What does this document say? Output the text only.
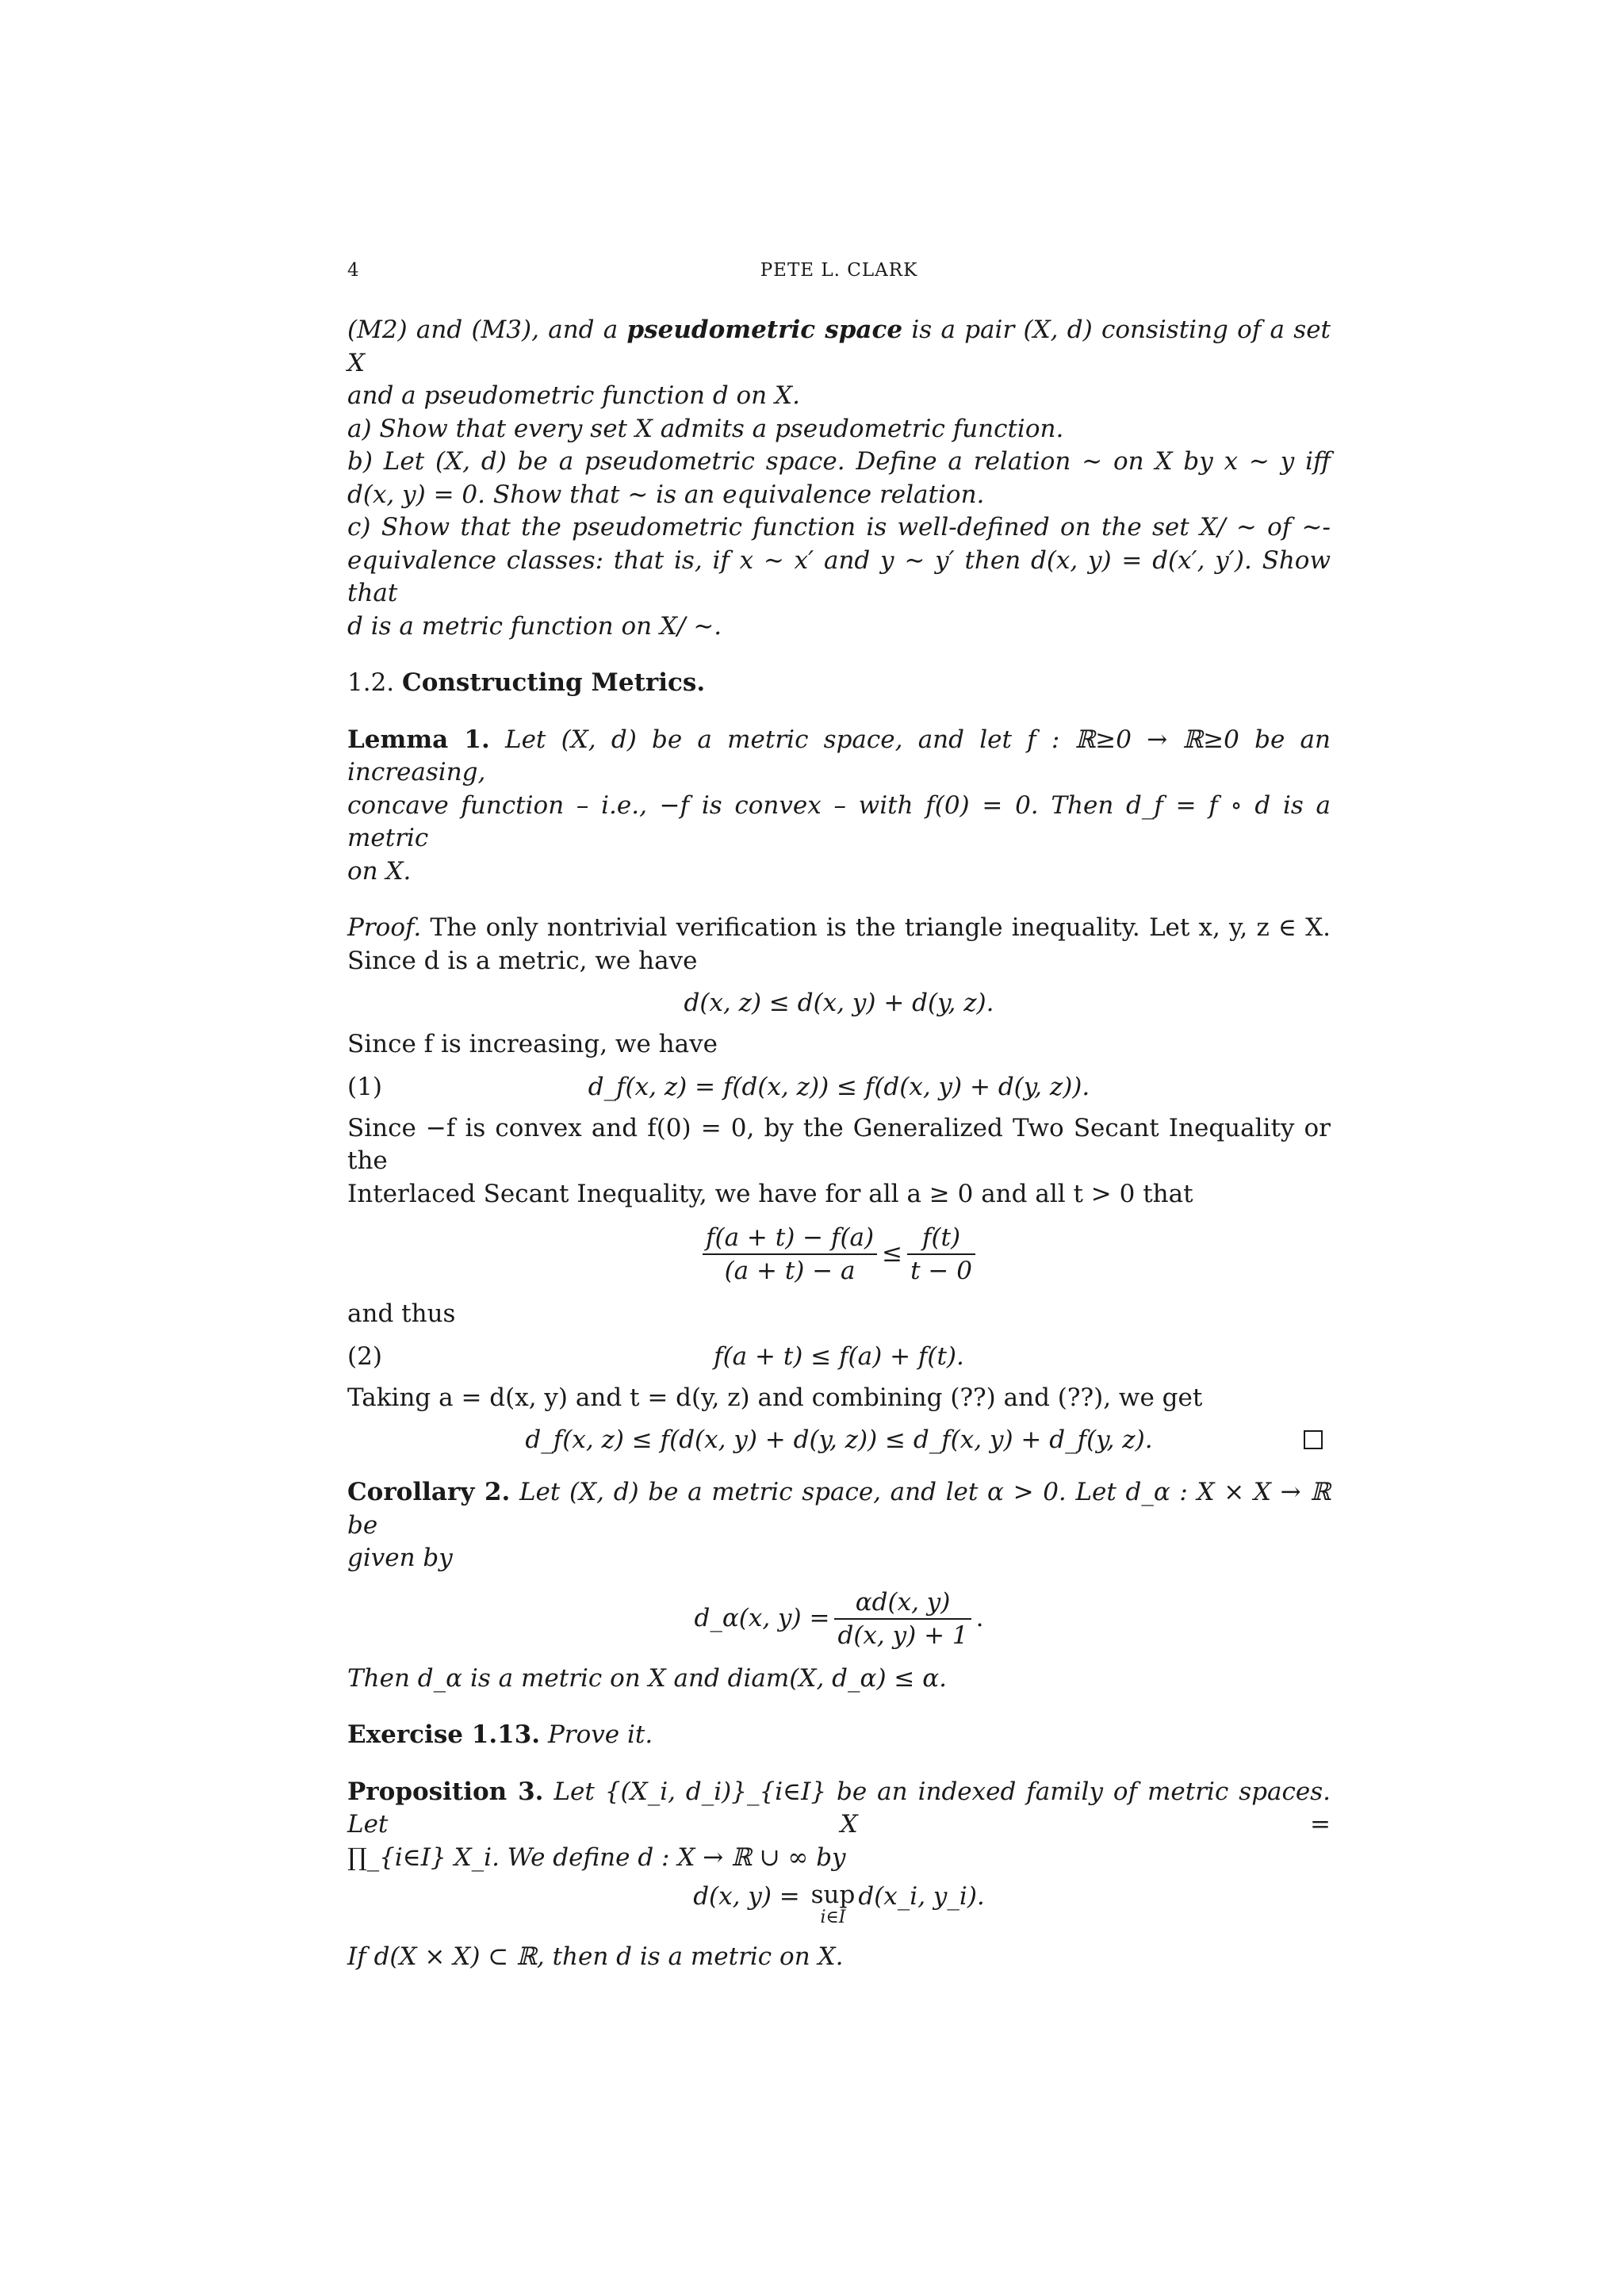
4	PETE L. CLARK
(M2) and (M3), and a pseudometric space is a pair (X, d) consisting of a set X
and a pseudometric function d on X.
a) Show that every set X admits a pseudometric function.
b) Let (X, d) be a pseudometric space. Define a relation ∼ on X by x ∼ y iff
d(x, y) = 0. Show that ∼ is an equivalence relation.
c) Show that the pseudometric function is well-defined on the set X/ ∼ of ∼-
equivalence classes: that is, if x ∼ x′ and y ∼ y′ then d(x, y) = d(x′, y′). Show that
d is a metric function on X/ ∼.
1.2. Constructing Metrics.
Lemma 1. Let (X, d) be a metric space, and let f : ℝ≥0 → ℝ≥0 be an increasing,
concave function – i.e., −f is convex – with f(0) = 0. Then d_f = f ∘ d is a metric
on X.
Proof. The only nontrivial verification is the triangle inequality. Let x, y, z ∈ X.
Since d is a metric, we have
d(x, z) ≤ d(x, y) + d(y, z).
Since f is increasing, we have
(1)	d_f(x, z) = f(d(x, z)) ≤ f(d(x, y) + d(y, z)).
Since −f is convex and f(0) = 0, by the Generalized Two Secant Inequality or the
Interlaced Secant Inequality, we have for all a ≥ 0 and all t > 0 that
$\frac{f(a + t) - f(a)}{(a + t) - a} \le \frac{f(t)}{t - 0}$
and thus
(2)	f(a + t) ≤ f(a) + f(t).
Taking a = d(x, y) and t = d(y, z) and combining (??) and (??), we get
d_f(x, z) ≤ f(d(x, y) + d(y, z)) ≤ d_f(x, y) + d_f(y, z).
Corollary 2. Let (X, d) be a metric space, and let α > 0. Let d_α : X × X → ℝ be
given by
d_α(x, $y) = \frac{\alpha d(x, y)}{d(x, y) + 1}$ .
Then d_α is a metric on X and diam(X, d_α) ≤ α.
Exercise 1.13. Prove it.
Proposition 3. Let {(X_i, d_i)}_{i∈I} be an indexed family of metric spaces. Let X =
∏_{i∈I} X_i. We define d : X → ℝ ∪ ∞ by
d(x, y) =
sup
i∈I
d(x_i, y_i).
If d(X × X) ⊂ ℝ, then d is a metric on X.
